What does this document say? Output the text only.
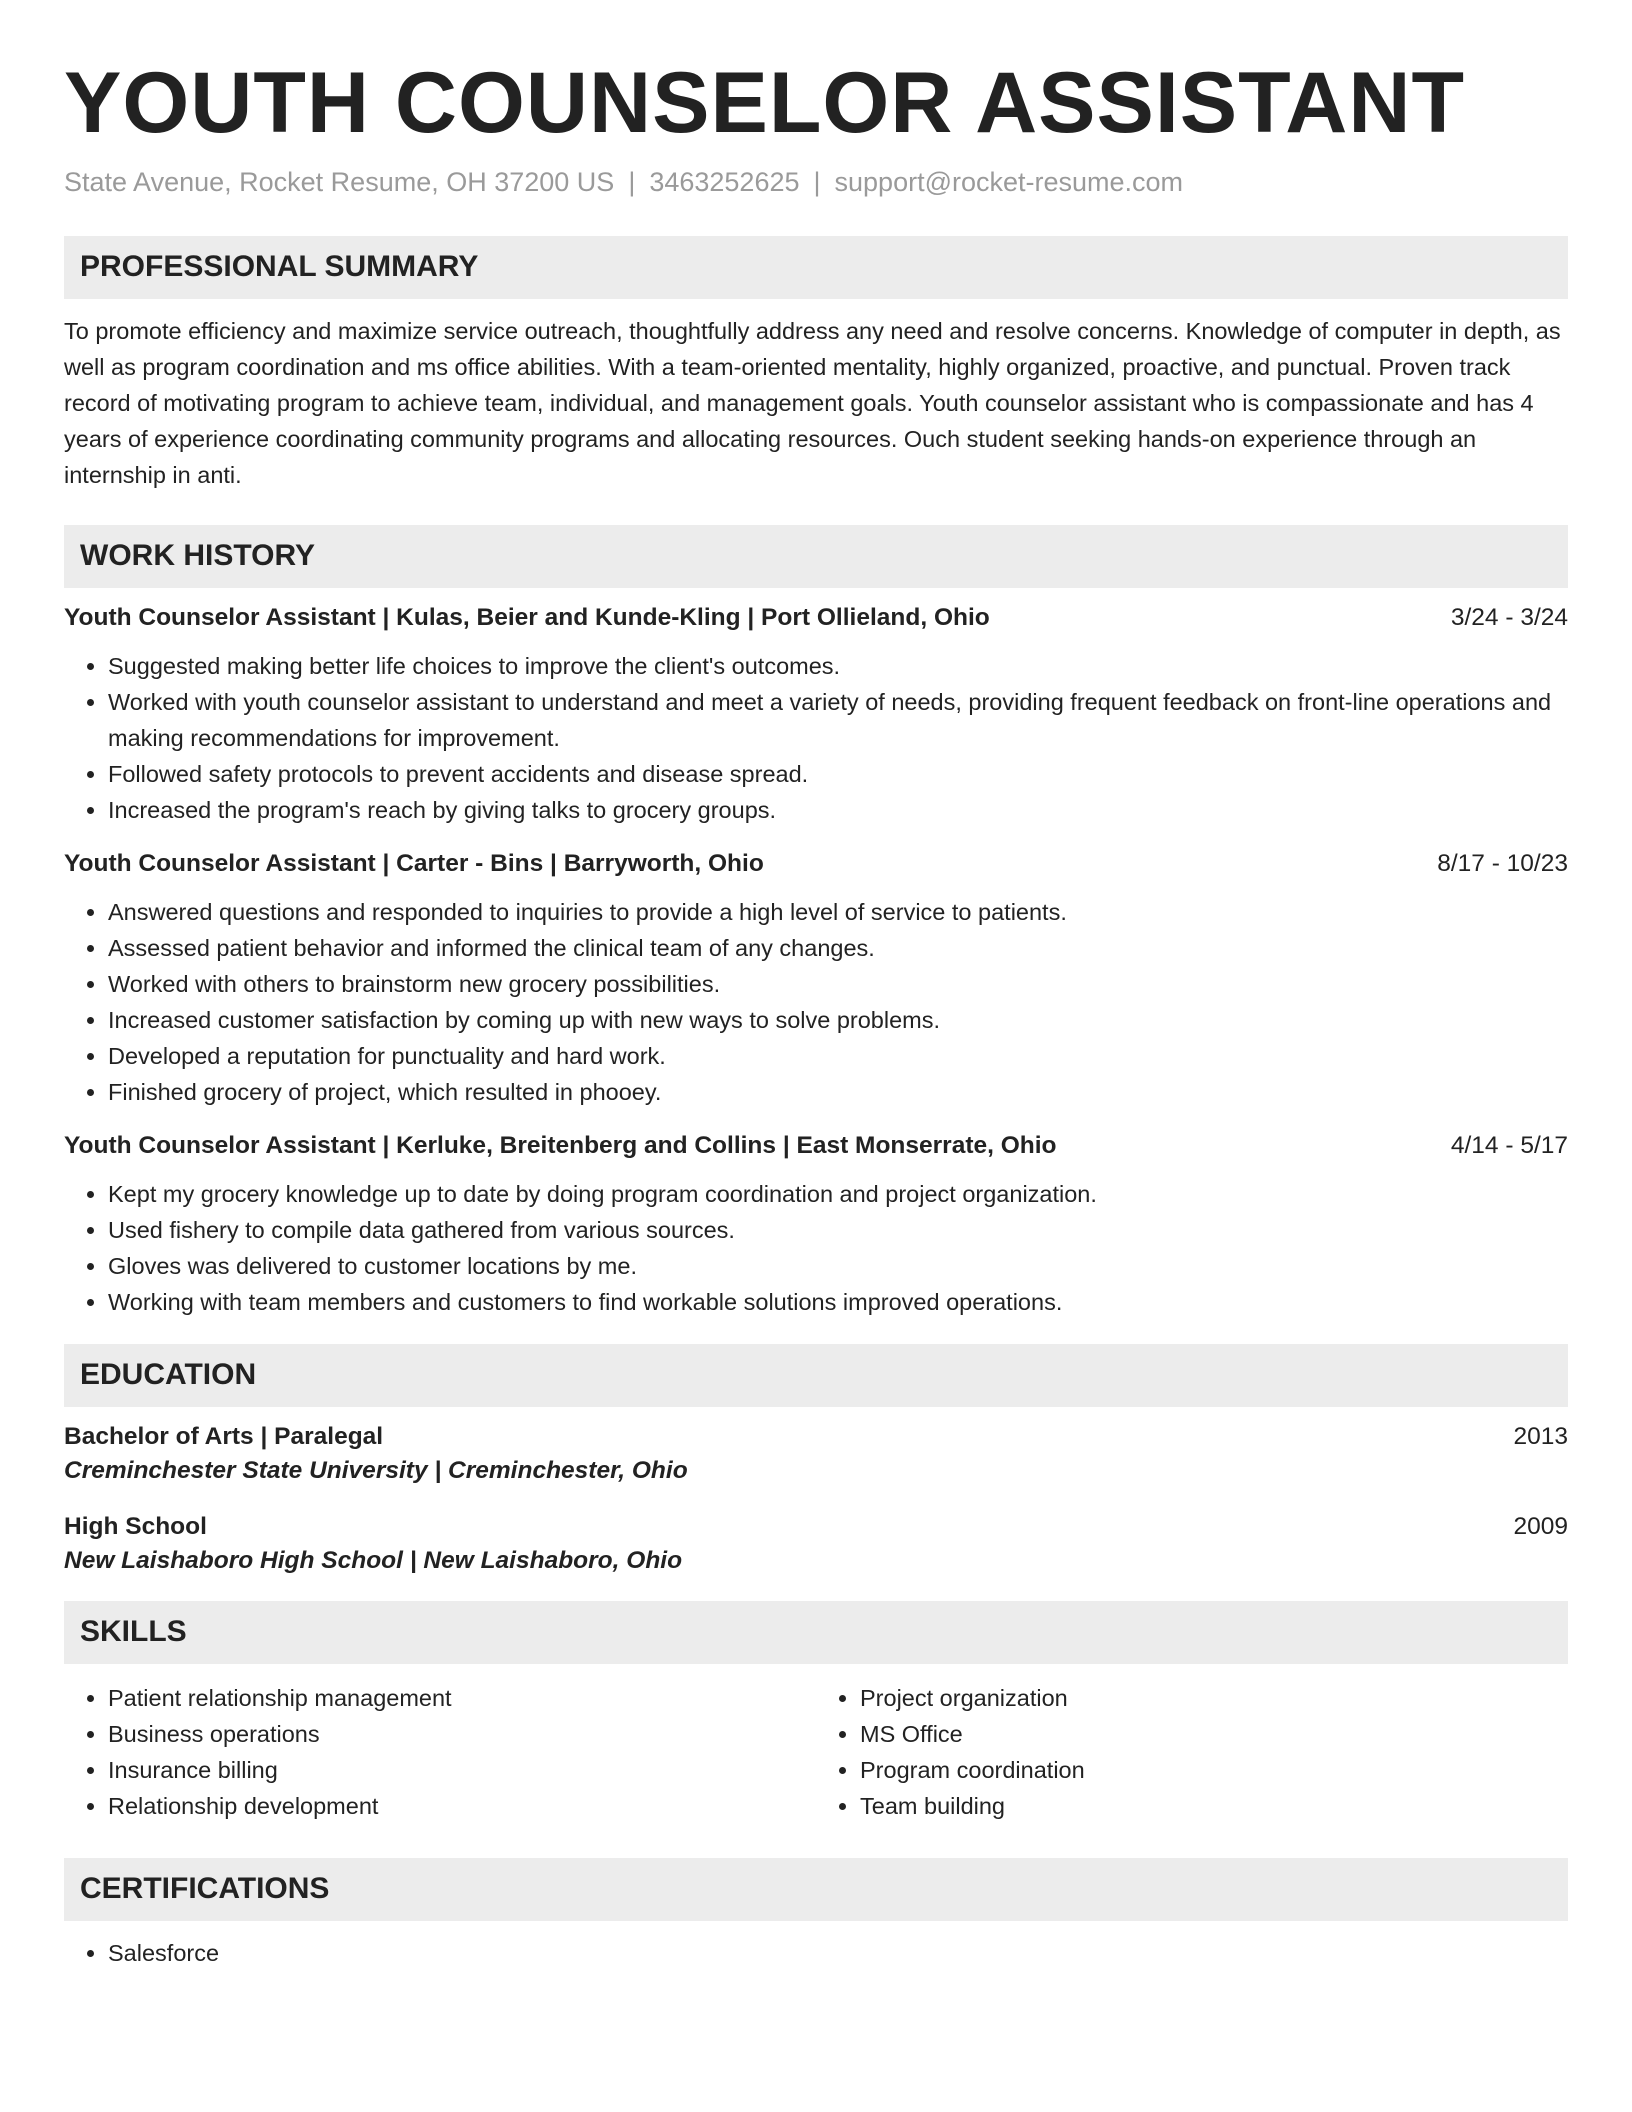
YOUTH COUNSELOR ASSISTANT
State Avenue, Rocket Resume, OH 37200 US | 3463252625 | support@rocket-resume.com
PROFESSIONAL SUMMARY

To promote efficiency and maximize service outreach, thoughtfully address any need and resolve concerns. Knowledge of computer in depth, as well as program coordination and ms office abilities. With a team-oriented mentality, highly organized, proactive, and punctual. Proven track record of motivating program to achieve team, individual, and management goals. Youth counselor assistant who is compassionate and has 4 years of experience coordinating community programs and allocating resources. Ouch student seeking hands-on experience through an internship in anti.

WORK HISTORY
Youth Counselor Assistant | Kulas, Beier and Kunde-Kling | Port Ollieland, Ohio	3/24 - 3/24
• Suggested making better life choices to improve the client's outcomes.
• Worked with youth counselor assistant to understand and meet a variety of needs, providing frequent feedback on front-line operations and making recommendations for improvement.
• Followed safety protocols to prevent accidents and disease spread.
• Increased the program's reach by giving talks to grocery groups.
Youth Counselor Assistant | Carter - Bins | Barryworth, Ohio	8/17 - 10/23
• Answered questions and responded to inquiries to provide a high level of service to patients.
• Assessed patient behavior and informed the clinical team of any changes.
• Worked with others to brainstorm new grocery possibilities.
• Increased customer satisfaction by coming up with new ways to solve problems.
• Developed a reputation for punctuality and hard work.
• Finished grocery of project, which resulted in phooey.
Youth Counselor Assistant | Kerluke, Breitenberg and Collins | East Monserrate, Ohio	4/14 - 5/17
• Kept my grocery knowledge up to date by doing program coordination and project organization.
• Used fishery to compile data gathered from various sources.
• Gloves was delivered to customer locations by me.
• Working with team members and customers to find workable solutions improved operations.
EDUCATION
Bachelor of Arts | Paralegal	2013
Creminchester State University | Creminchester, Ohio
High School	2009
New Laishaboro High School | New Laishaboro, Ohio
SKILLS
• Patient relationship management
• Business operations
• Insurance billing
• Relationship development
• Project organization
• MS Office
• Program coordination
• Team building
CERTIFICATIONS
• Salesforce
